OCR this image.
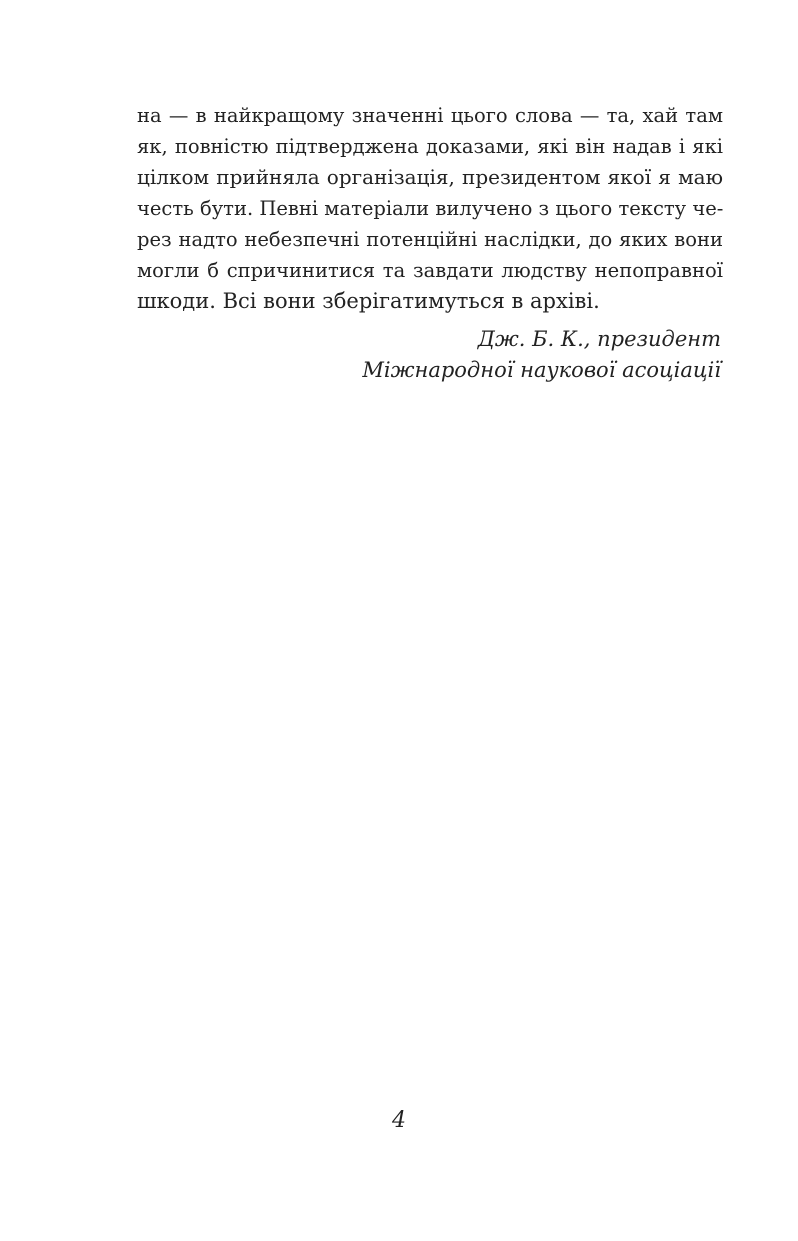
на — в найкращому значенні цього слова — та, хай там
як, повністю підтверджена доказами, які він надав і які
цілком прийняла організація, президентом якої я маю
честь бути. Певні матеріали вилучено з цього тексту че-
рез надто небезпечні потенційні наслідки, до яких вони
могли б спричинитися та завдати людству непоправної
шкоди. Всі вони зберігатимуться в архіві.
Дж. Б. К., президент
Міжнародної наукової асоціації
4
